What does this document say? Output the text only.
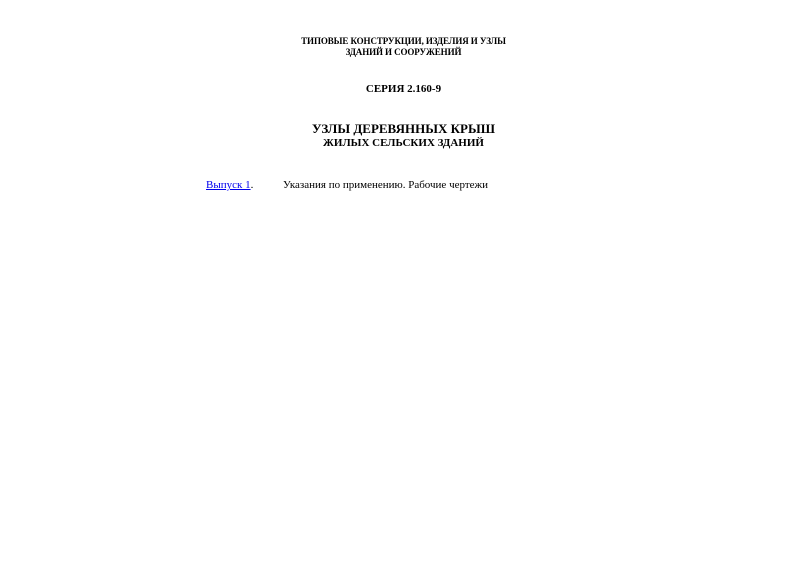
ТИПОВЫЕ КОНСТРУКЦИИ, ИЗДЕЛИЯ И УЗЛЫ
ЗДАНИЙ И СООРУЖЕНИЙ
СЕРИЯ 2.160-9
УЗЛЫ ДЕРЕВЯННЫХ КРЫШ
ЖИЛЫХ СЕЛЬСКИХ ЗДАНИЙ
Выпуск 1.	Указания по применению. Рабочие чертежи
